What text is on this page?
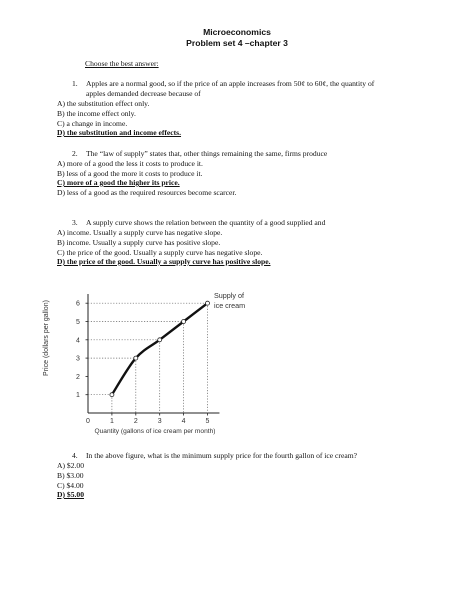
Microeconomics
Problem set 4 –chapter 3
Choose the best answer:
1. Apples are a normal good, so if the price of an apple increases from 50¢ to 60¢, the quantity of
apples demanded decrease because of
A) the substitution effect only.
B) the income effect only.
C) a change in income.
D) the substitution and income effects.
2. The “law of supply” states that, other things remaining the same, firms produce
A) more of a good the less it costs to produce it.
B) less of a good the more it costs to produce it.
C) more of a good the higher its price.
D) less of a good as the required resources become scarcer.
3. A supply curve shows the relation between the quantity of a good supplied and
A) income. Usually a supply curve has negative slope.
B) income. Usually a supply curve has positive slope.
C) the price of the good. Usually a supply curve has negative slope.
D) the price of the good. Usually a supply curve has positive slope.
0	1	2	3	4	5
1
2
3
4
5
6
Price (dollars per gallon)
Quantity (gallons of ice cream per month)
Supply of
ice cream
4. In the above figure, what is the minimum supply price for the fourth gallon of ice cream?
A) $2.00
B) $3.00
C) $4.00
D) $5.00
